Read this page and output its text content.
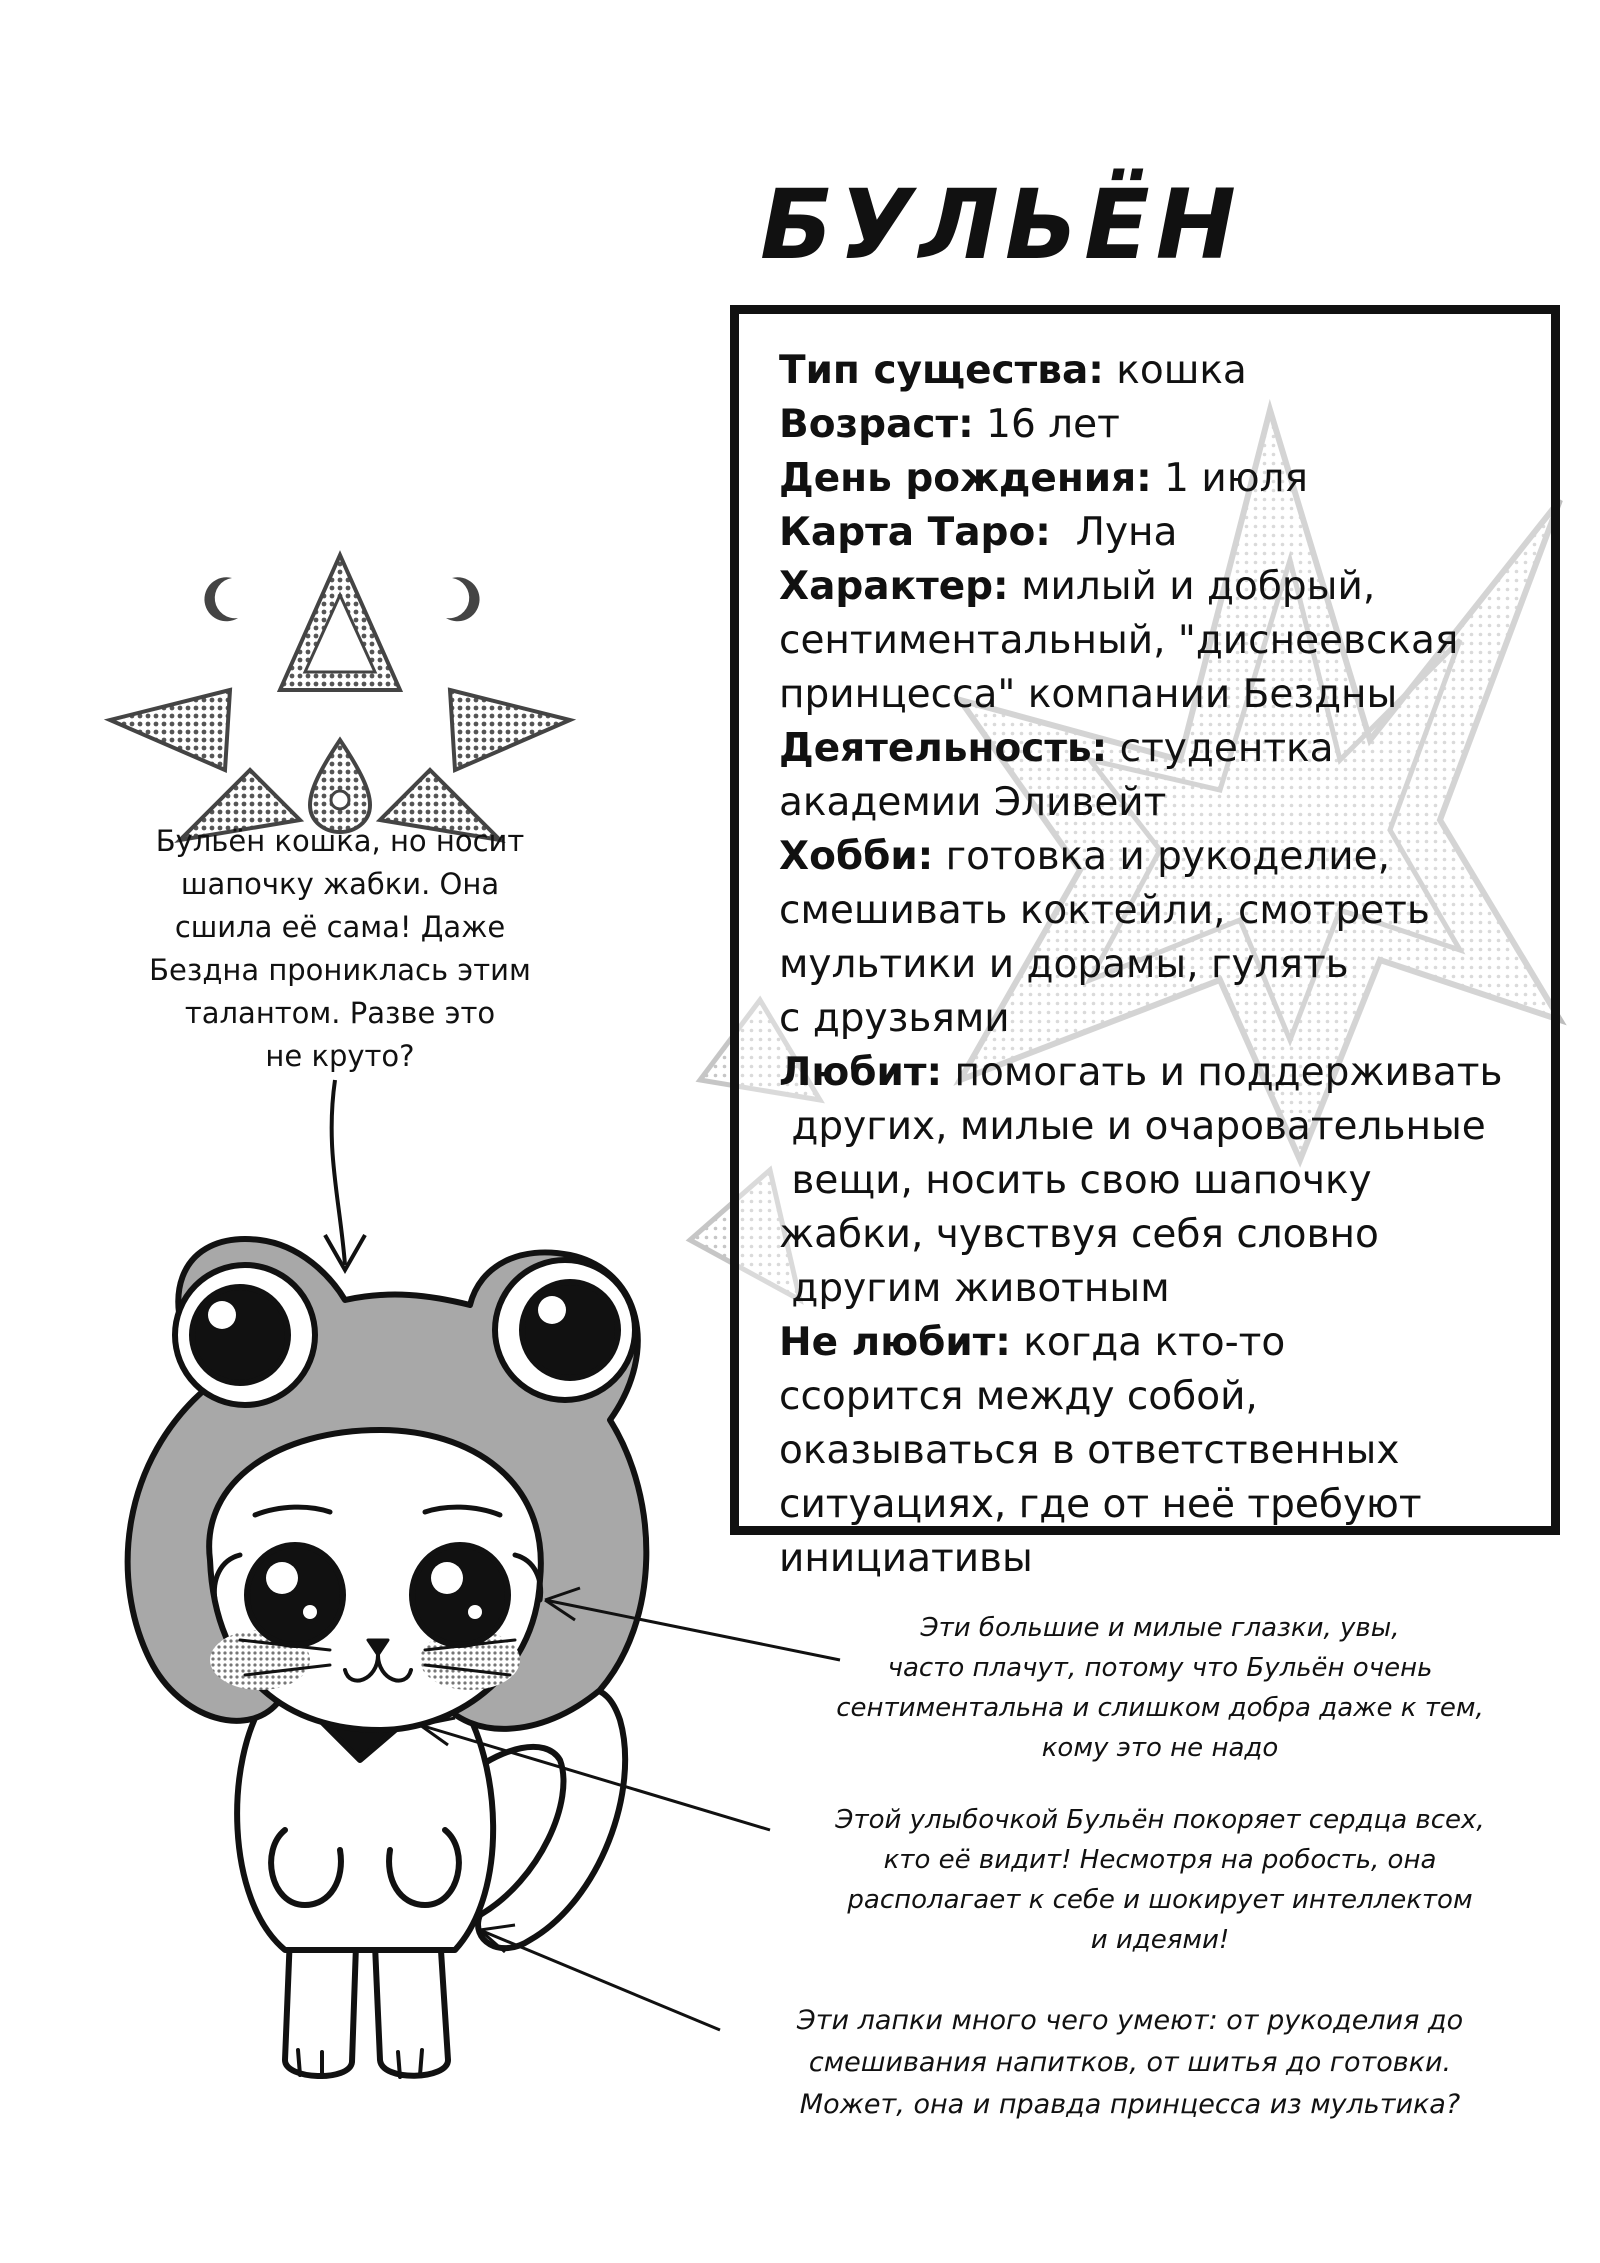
БУЛЬЁН
Тип существа: кошка
Возраст: 16 лет
День рождения: 1 июля
Карта Таро:  Луна
Характер: милый и добрый,
сентиментальный, "диснеевская
принцесса" компании Бездны
Деятельность: студентка
академии Эливейт
Хобби: готовка и рукоделие,
смешивать коктейли, смотреть
мультики и дорамы, гулять
с друзьями
Любит: помогать и поддерживать
других, милые и очаровательные
вещи, носить свою шапочку
жабки, чувствуя себя словно
другим животным
Не любит: когда кто-то
ссорится между собой,
оказываться в ответственных
ситуациях, где от неё требуют
инициативы
Бульён кошка, но носит
шапочку жабки. Она
сшила её сама! Даже
Бездна прониклась этим
талантом. Разве это
не круто?
Эти большие и милые глазки, увы,
часто плачут, потому что Бульён очень
сентиментальна и слишком добра даже к тем,
кому это не надо
Этой улыбочкой Бульён покоряет сердца всех,
кто её видит! Несмотря на робость, она
располагает к себе и шокирует интеллектом
и идеями!
Эти лапки много чего умеют: от рукоделия до
смешивания напитков, от шитья до готовки.
Может, она и правда принцесса из мультика?
